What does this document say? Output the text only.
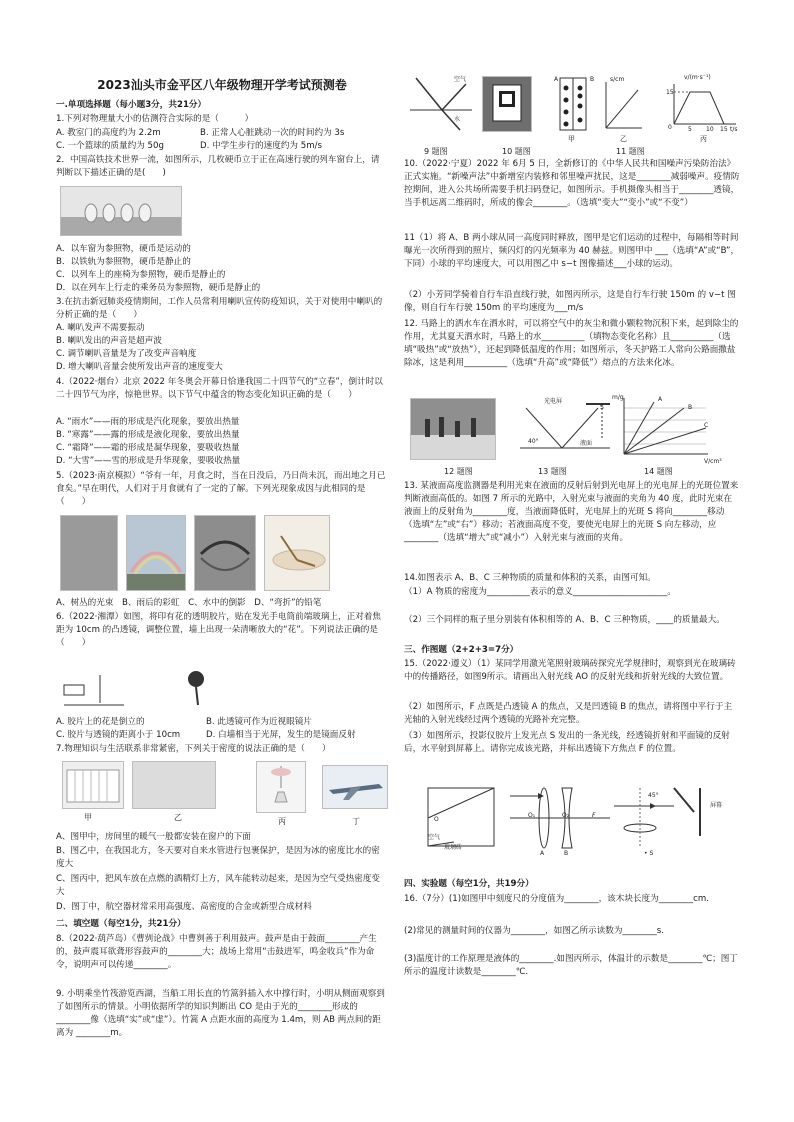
2023汕头市金平区八年级物理开学考试预测卷
一.单项选择题（每小题3分，共21分）
1.下列对物理量大小的估测符合实际的是（　　　）
A. 教室门的高度约为 2.2m	B. 正常人心脏跳动一次的时间约为 3s
C. 一个篮球的质量约为 50g	D. 中学生步行的速度约为 5m/s
2．中国高铁技术世界一流，如图所示，几枚硬币立于正在高速行驶的列车窗台上，请判断以下描述正确的是(　　)
A．以车窗为参照物，硬币是运动的
B．以铁轨为参照物，硬币是静止的
C．以列车上的座椅为参照物，硬币是静止的
D．以在列车上行走的乘务员为参照物，硬币是静止的
3.在抗击新冠肺炎疫情期间，工作人员常利用喇叭宣传防疫知识，关于对使用中喇叭的分析正确的是（　　）
A. 喇叭发声不需要振动
B. 喇叭发出的声音是超声波
C. 调节喇叭音量是为了改变声音响度
D. 增大喇叭音量会使所发出声音的速度变大
4.（2022·烟台）北京 2022 年冬奥会开幕日恰逢我国二十四节气的“立春”，倒计时以二十四节气为序，惊艳世界。以下节气中蕴含的物态变化知识正确的是（　　）
A. “雨水”——雨的形成是汽化现象，要放出热量
B. “寒露”——露的形成是液化现象，要放出热量
C. “霜降”——霜的形成是凝华现象，要吸收热量
D. “大雪”——雪的形成是升华现象，要吸收热量
5.（2023·南京模拟）“爷有一年，月食之时，当在日没后，乃日尚未沉，而出地之月已食矣。”早在明代，人们对于月食就有了一定的了解。下列光现象成因与此相同的是（　　）
A、树丛的光束　B、雨后的彩虹　C、水中的倒影　D、“弯折”的铅笔
6.（2022·湘潭）如图，将印有花的透明胶片，贴在发光手电筒前端玻璃上，正对着焦距为 10cm 的凸透镜，调整位置，墙上出现一朵清晰放大的“花”。下列说法正确的是（　　）
A. 胶片上的花是倒立的	B. 此透镜可作为近视眼镜片
C. 胶片与透镜的距离小于 10cm	D. 白墙相当于光屏，发生的是镜面反射
7.物理知识与生活联系非常紧密，下列关于密度的说法正确的是（　　）
甲	乙	丙	丁
A、图甲中，房间里的暖气一般都安装在窗户的下面
B、图乙中，在我国北方，冬天要对自来水管进行包裹保护，是因为冰的密度比水的密度大
C、图丙中，把风车放在点燃的酒精灯上方，风车能转动起来，是因为空气受热密度变大
D、图丁中，航空器材常采用高强度、高密度的合金或新型合成材料
二、填空题（每空1分，共21分）
8.（2022·葫芦岛）《曹刿论战》中曹刿善于利用鼓声。鼓声是由于鼓面________产生的，鼓声震耳欲聋形容鼓声的________大；战场上常用“击鼓进军，鸣金收兵”作为命令，说明声可以传递________。
9. 小明乘坐竹筏游览西湖，当船工用长直的竹篙斜插入水中撑行时，小明从侧面观察到了如图所示的情景。小明依据所学的知识判断出 CO 是由于光的________形成的________像（选填“实”或“虚”）。竹篙 A 点距水面的高度为 1.4m，则 AB 两点间的距离为 ________m。
空气
水
A	B
甲
s/cm
乙
v/(m·s⁻¹)
15
0	5 10 15 t/s
丙
9 题图	10 题图	11 题图
10.（2022·宁夏）2022 年 6月 5 日，全新修订的《中华人民共和国噪声污染防治法》正式实施。“新噪声法”中新增室内装修和邻里噪声扰民，这是________减弱噪声。疫情防控期间，进入公共场所需要手机扫码登记，如图所示。手机摄像头相当于________透镜，当手机远离二维码时，所成的像会________。（选填“变大”“变小”或“不变”）
11（1）将 A、B 两小球从同一高度同时释放，图甲是它们运动的过程中，每隔相等时间曝光一次所得到的照片，频闪灯的闪光频率为 40 赫兹。则图甲中 ___（选填“A”或“B”，下同）小球的平均速度大，可以用图乙中 s−t 图像描述___小球的运动。
（2）小芳同学骑着自行车沿直线行驶，如图丙所示，这是自行车行驶 150m 的 v−t 图像，则自行车行驶 150m 的平均速度为___m/s
12. 马路上的洒水车在洒水时，可以将空气中的灰尘和微小颗粒物沉积下来，起到除尘的作用，尤其夏天洒水时，马路上的水__________（填物态变化名称）且__________（选填“吸热”或“放热”），还起到降低温度的作用；如图所示，冬天护路工人常向公路面撒盐除冰，这是利用__________（选填“升高”或“降低”）熔点的方法来化冰。
光电屏
S
40°	液面
m/g	A
B
C
V/cm³
12 题图	13 题图	14 题图
13. 某液面高度监测器是利用光束在液面的反射后射到光电屏上的光电屏上的光斑位置来判断液面高低的。如图 7 所示的光路中，入射光束与液面的夹角为 40 度，此时光束在液面上的反射角为________度，当液面降低时，光电屏上的光斑 S 将向________移动（选填“左”或“右”）移动；若液面高度不变，要使光电屏上的光斑 S 向左移动，应________（选填“增大”或“减小”）入射光束与液面的夹角。
14.如图表示 A、B、C 三种物质的质量和体积的关系，由图可知。
（1）A 物质的密度为__________表示的意义______________________。
（2）三个同样的瓶子里分别装有体积相等的 A、B、C 三种物质，____的质量最大。
三、作图题（2+2+3=7分）
15.（2022·遵义）（1）某同学用激光笔照射玻璃砖探究光学规律时，观察到光在玻璃砖中的传播路径，如图9所示。请画出入射光线 AO 的反射光线和折射光线的大致位置。
（2）如图所示，F 点既是凸透镜 A 的焦点，又是凹透镜 B 的焦点，请将图中平行于主光轴的入射光线经过两个透镜的光路补充完整。
（3）如图所示，投影仪胶片上发光点 S 发出的一条光线，经透镜折射和平面镜的反射后，水平射到屏幕上。请你完成该光路，并标出透镜下方焦点 F 的位置。
空气
玻璃砖
O
O₁	O₂	F
A	B
45°
屏幕
• S
四、实验题（每空1分，共19分）
16.（7分）(1)如图甲中刻度尺的分度值为________，该木块长度为________cm.
(2)常见的测量时间的仪器为________，如图乙所示读数为________s.
(3)温度计的工作原理是液体的________.如图丙所示，体温计的示数是________℃；图丁所示的温度计读数是________℃.
